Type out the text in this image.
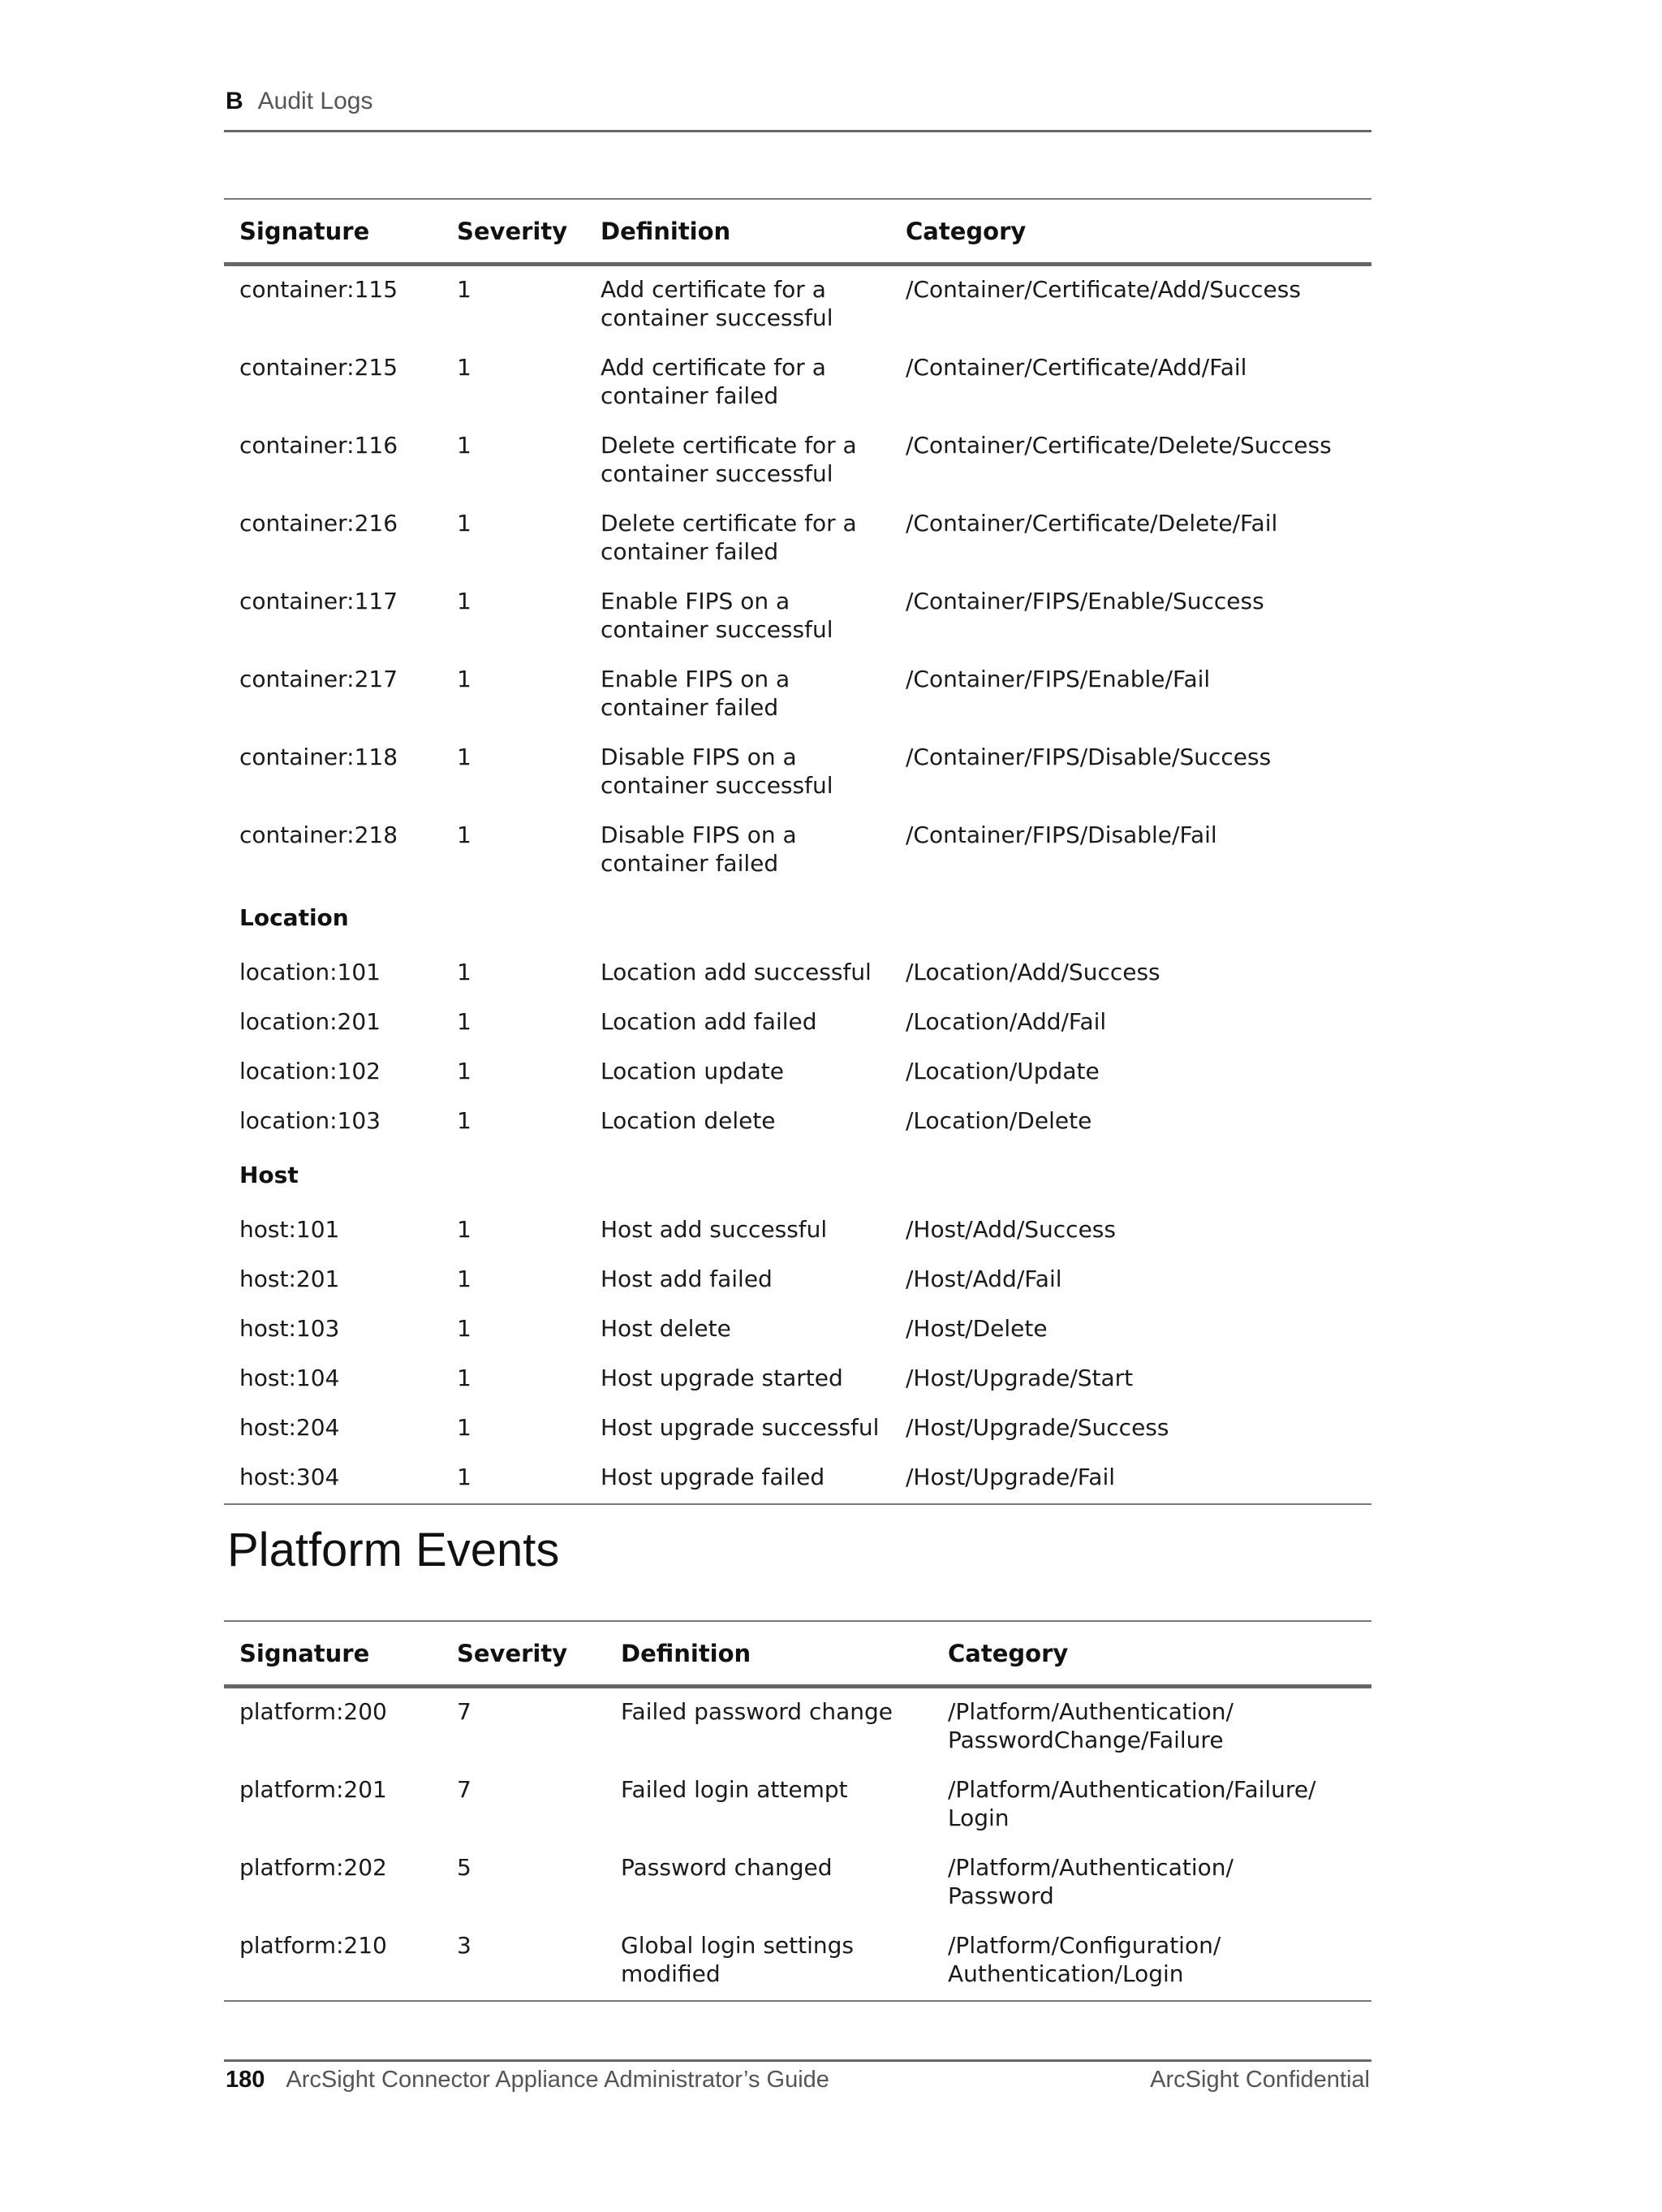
B Audit Logs
Signature	Severity	Definition	Category
container:115	1	Add certificate for a container successful	/Container/Certificate/Add/Success
container:215	1	Add certificate for a container failed	/Container/Certificate/Add/Fail
container:116	1	Delete certificate for a container successful	/Container/Certificate/Delete/Success
container:216	1	Delete certificate for a container failed	/Container/Certificate/Delete/Fail
container:117	1	Enable FIPS on a container successful	/Container/FIPS/Enable/Success
container:217	1	Enable FIPS on a container failed	/Container/FIPS/Enable/Fail
container:118	1	Disable FIPS on a container successful	/Container/FIPS/Disable/Success
container:218	1	Disable FIPS on a container failed	/Container/FIPS/Disable/Fail
Location			
location:101	1	Location add successful	/Location/Add/Success
location:201	1	Location add failed	/Location/Add/Fail
location:102	1	Location update	/Location/Update
location:103	1	Location delete	/Location/Delete
Host			
host:101	1	Host add successful	/Host/Add/Success
host:201	1	Host add failed	/Host/Add/Fail
host:103	1	Host delete	/Host/Delete
host:104	1	Host upgrade started	/Host/Upgrade/Start
host:204	1	Host upgrade successful	/Host/Upgrade/Success
host:304	1	Host upgrade failed	/Host/Upgrade/Fail
Platform Events
Signature	Severity	Definition	Category
platform:200	7	Failed password change	/Platform/Authentication/
PasswordChange/Failure
platform:201	7	Failed login attempt	/Platform/Authentication/Failure/
Login
platform:202	5	Password changed	/Platform/Authentication/
Password
platform:210	3	Global login settings modified	/Platform/Configuration/
Authentication/Login
180 ArcSight Connector Appliance Administrator’s Guide	ArcSight Confidential
